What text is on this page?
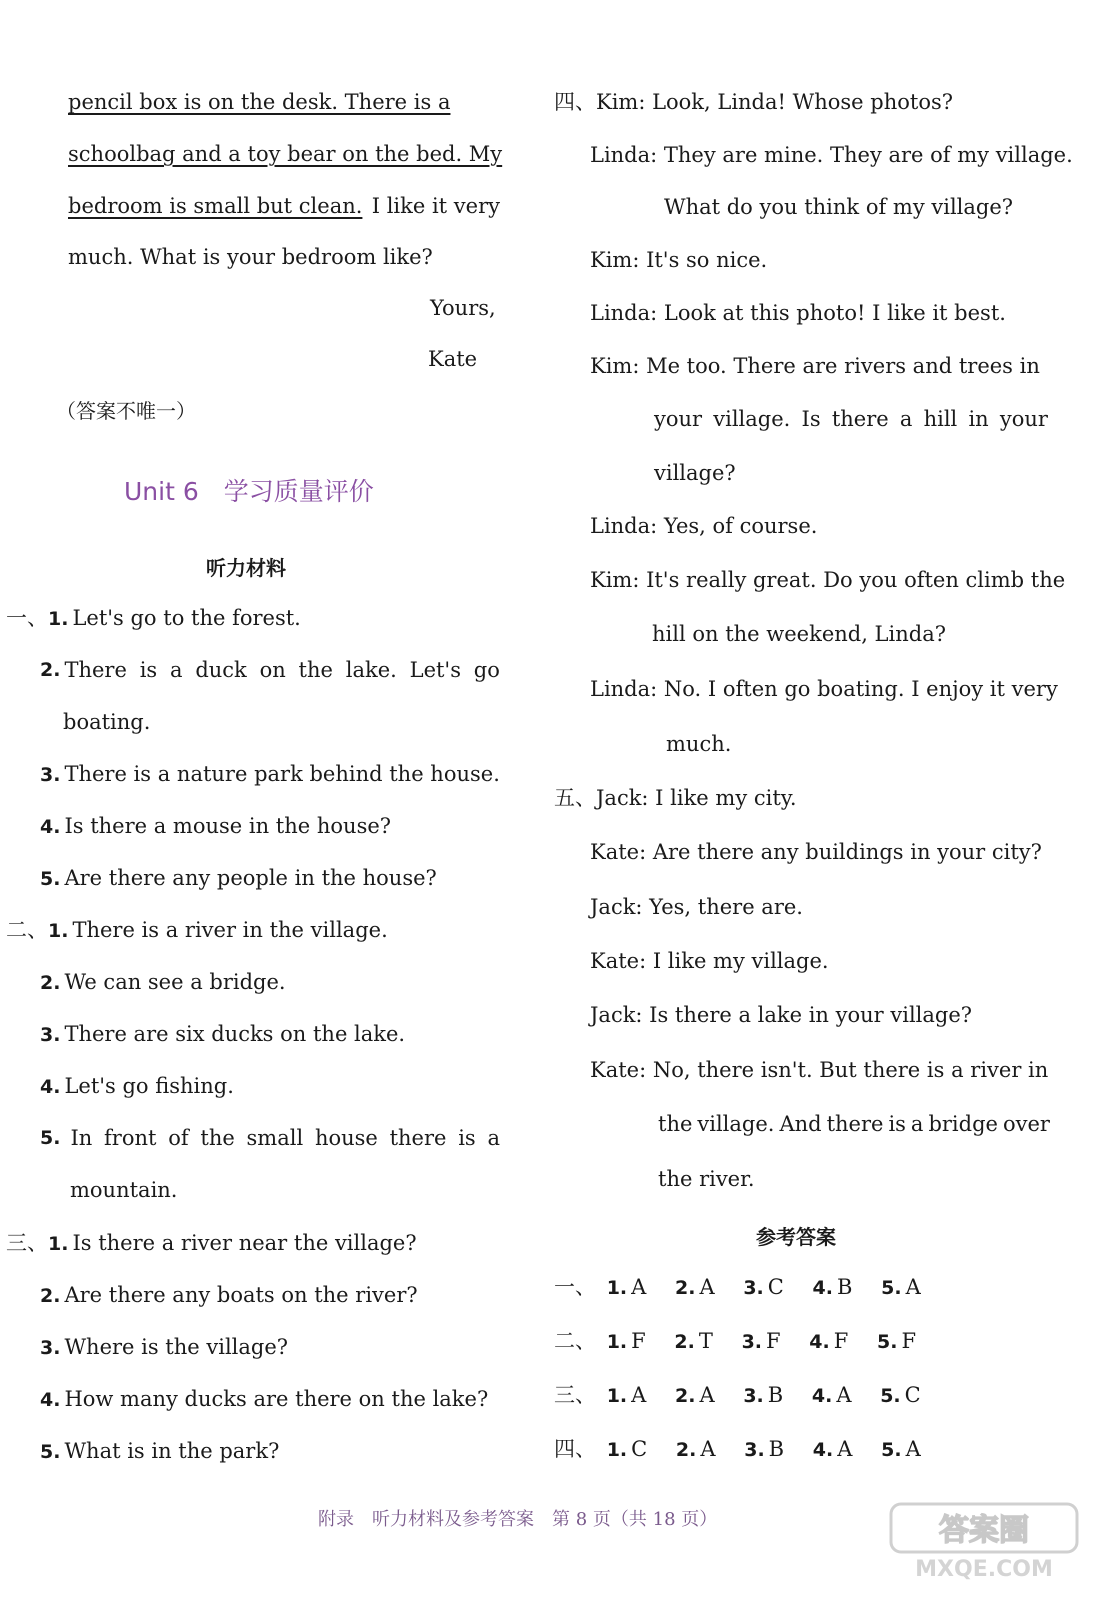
pencil box is on the desk. There is a
schoolbag and a toy bear on the bed. My
bedroom is small but clean. I like it very
much. What is your bedroom like?
Yours,
Kate
（答案不唯一）
Unit 6　学习质量评价
听力材料
一、1. Let's go to the forest.
2. There is a duck on the lake. Let's go
boating.
3. There is a nature park behind the house.
4. Is there a mouse in the house?
5. Are there any people in the house?
二、1. There is a river in the village.
2. We can see a bridge.
3. There are six ducks on the lake.
4. Let's go fishing.
5. In front of the small house there is a
mountain.
三、1. Is there a river near the village?
2. Are there any boats on the river?
3. Where is the village?
4. How many ducks are there on the lake?
5. What is in the park?
四、Kim: Look, Linda! Whose photos?
Linda: They are mine. They are of my village.
What do you think of my village?
Kim: It's so nice.
Linda: Look at this photo! I like it best.
Kim: Me too. There are rivers and trees in
your village. Is there a hill in your
village?
Linda: Yes, of course.
Kim: It's really great. Do you often climb the
hill on the weekend, Linda?
Linda: No. I often go boating. I enjoy it very
much.
五、Jack: I like my city.
Kate: Are there any buildings in your city?
Jack: Yes, there are.
Kate: I like my village.
Jack: Is there a lake in your village?
Kate: No, there isn't. But there is a river in
the village. And there is a bridge over
the river.
参考答案
一、 1. A 2. A 3. C 4. B 5. A
二、 1. F 2. T 3. F 4. F 5. F
三、 1. A 2. A 3. B 4. A 5. C
四、 1. C 2. A 3. B 4. A 5. A
附录　听力材料及参考答案　第 8 页（共 18 页）	答案圈
MXQE.COM
